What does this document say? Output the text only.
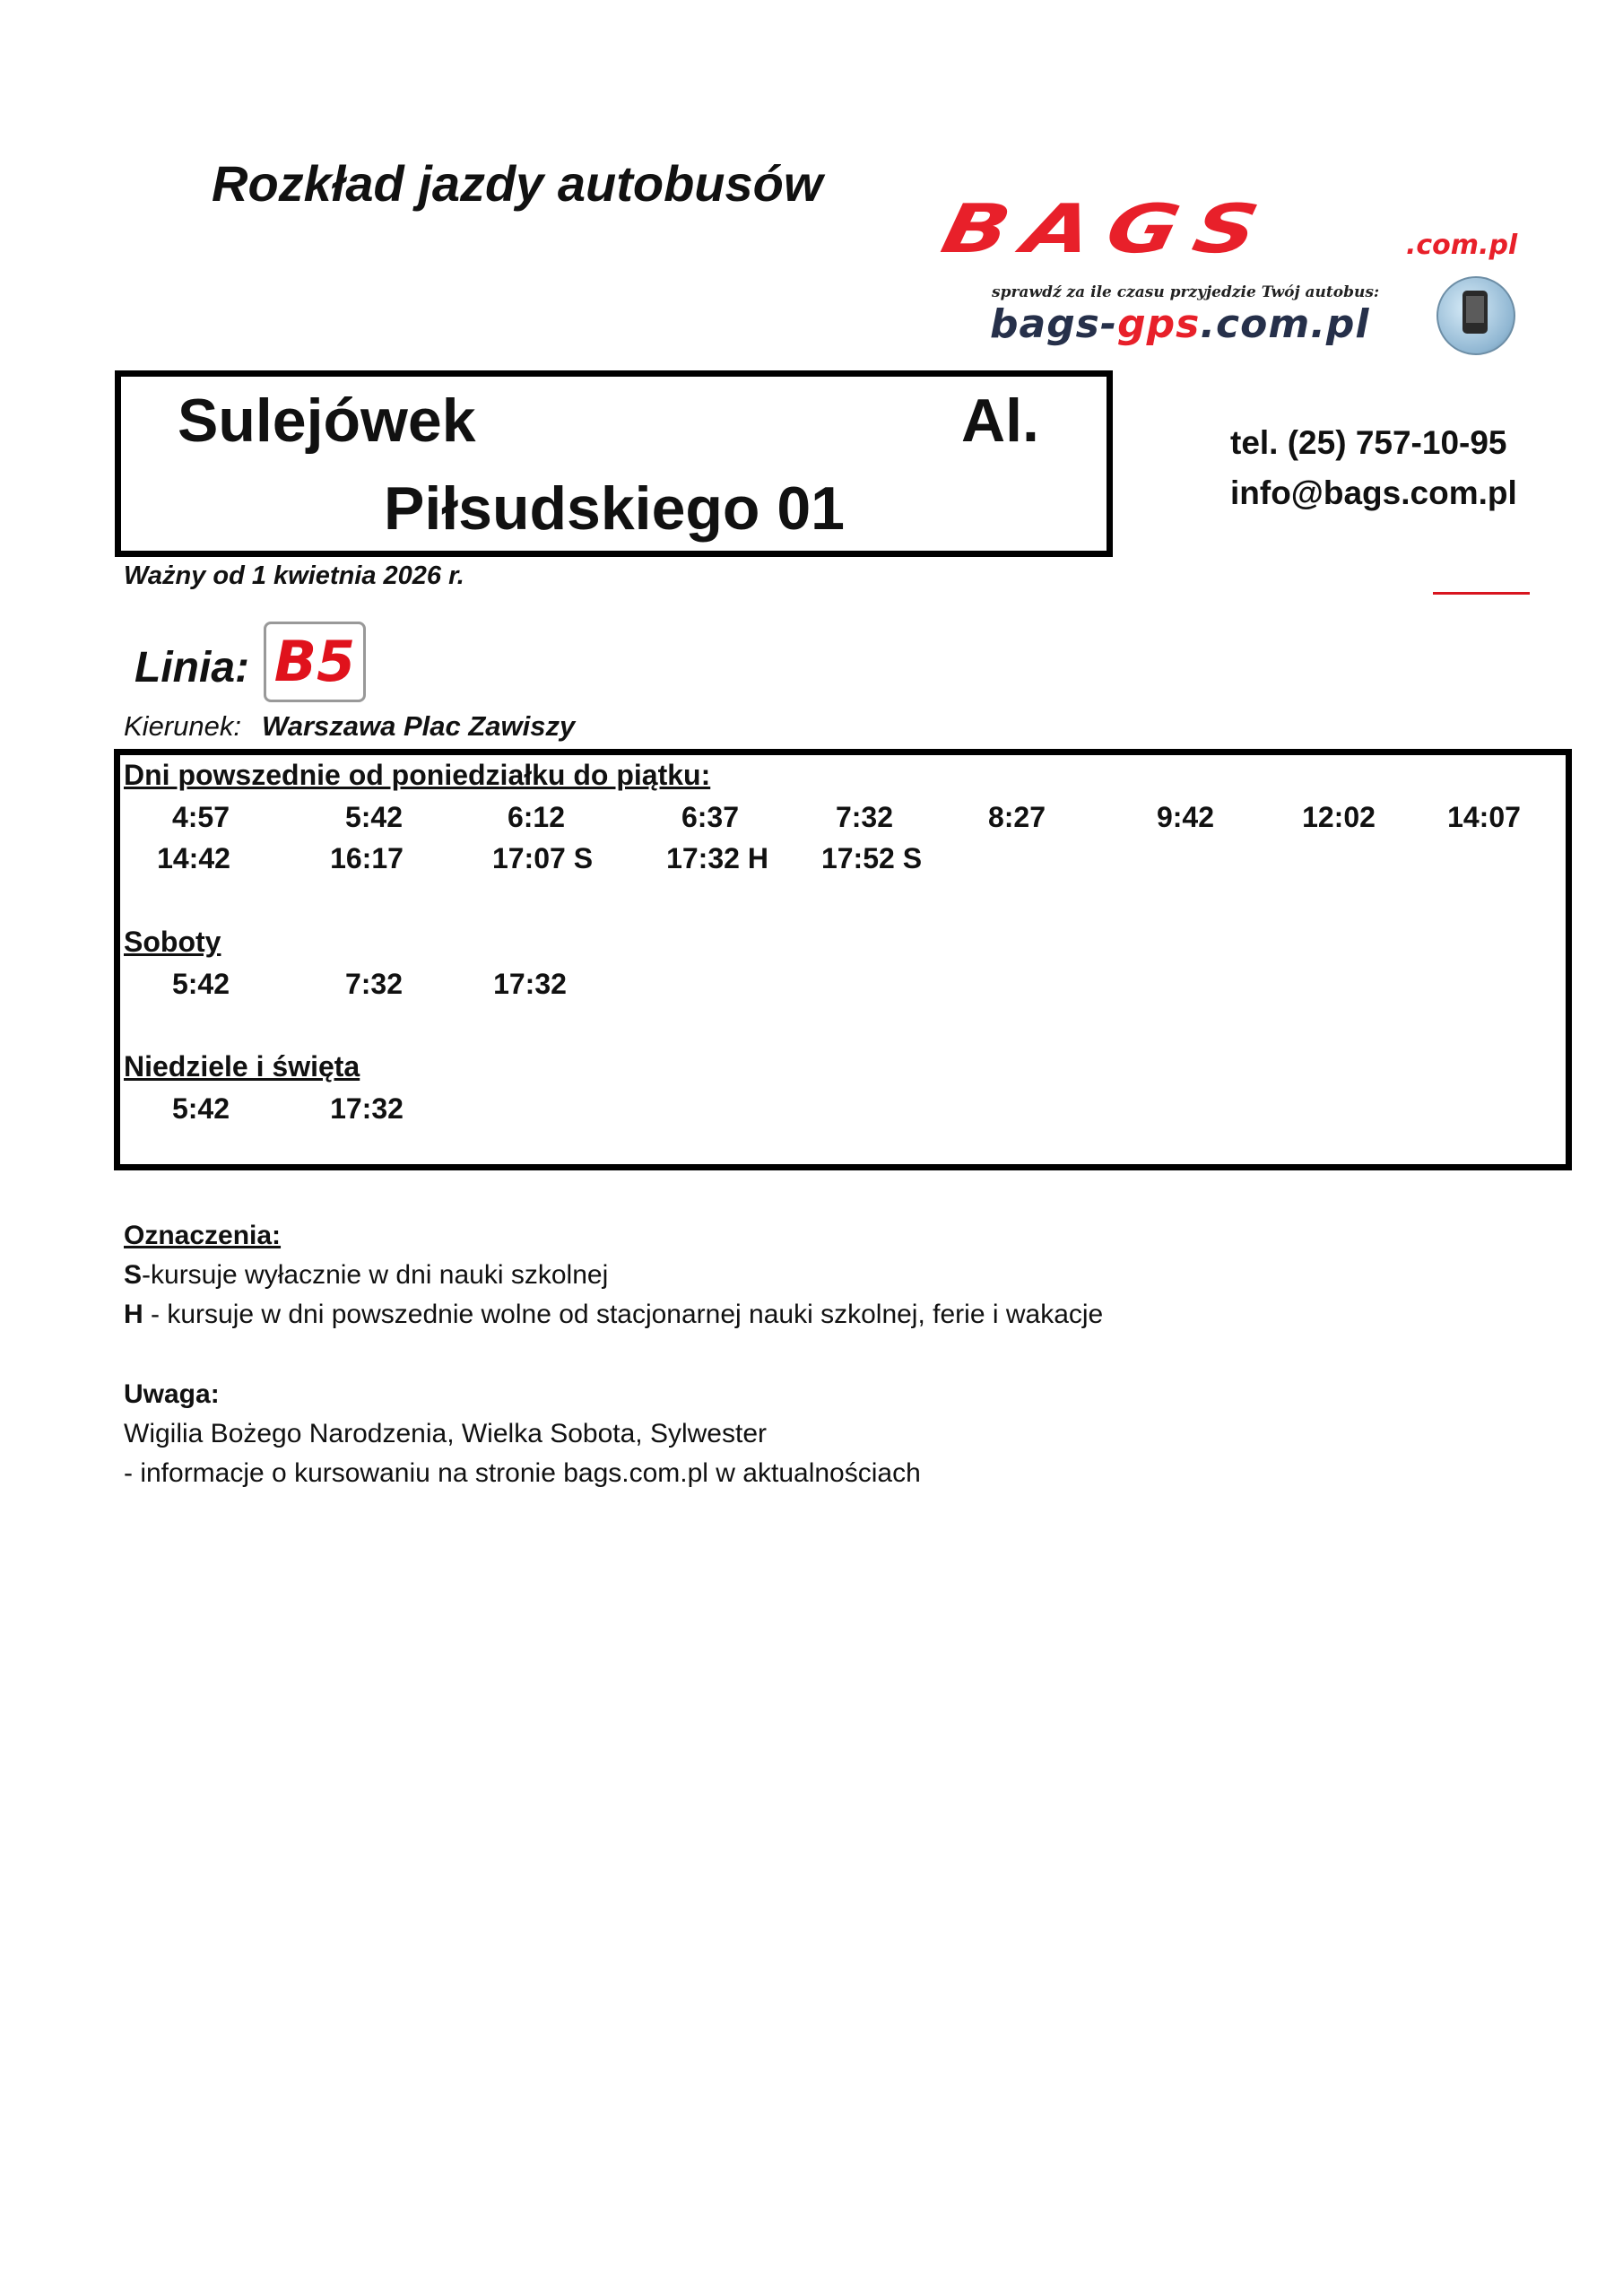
Rozkład jazdy autobusów
BAGS	.com.pl
sprawdź za ile czasu przyjedzie Twój autobus:
bags-gps.com.pl
Sulejówek	Al.
Piłsudskiego 01
tel. (25) 757-10-95
info@bags.com.pl
Ważny od 1 kwietnia 2026 r.
Linia: B5
Kierunek: Warszawa Plac Zawiszy
Dni powszednie od poniedziałku do piątku:
4:57	5:42	6:12	6:37	7:32	8:27	9:42	12:02	14:07
14:42	16:17	17:07 S	17:32 H	17:52 S
Soboty
5:42	7:32	17:32
Niedziele i święta
5:42	17:32
Oznaczenia:
S-kursuje wyłacznie w dni nauki szkolnej
H - kursuje w dni powszednie wolne od stacjonarnej nauki szkolnej, ferie i wakacje
Uwaga:
Wigilia Bożego Narodzenia, Wielka Sobota, Sylwester
- informacje o kursowaniu na stronie bags.com.pl w aktualnościach
